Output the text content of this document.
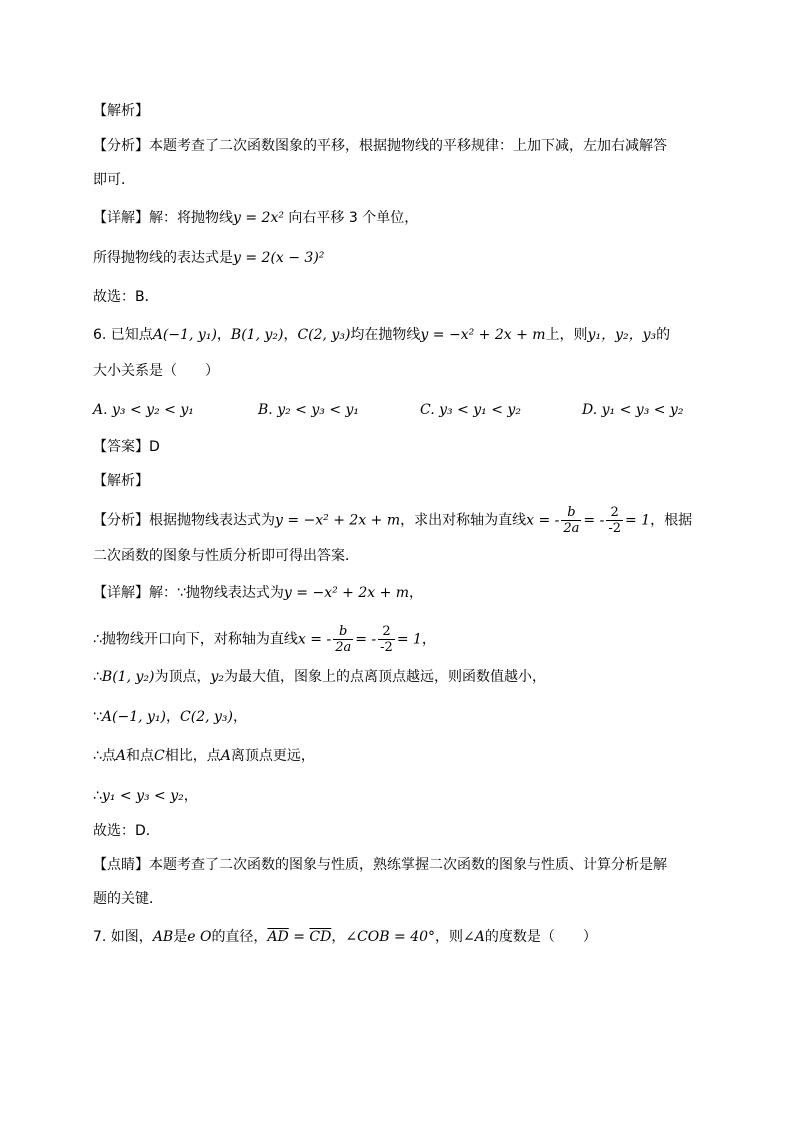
【解析】
【分析】本题考查了二次函数图象的平移，根据抛物线的平移规律：上加下减，左加右减解答
即可．
【详解】解：将抛物线y = 2x² 向右平移 3 个单位，
所得抛物线的表达式是y = 2(x − 3)²
故选：B．
6. 已知点A(−1, y₁)，B(1, y₂)，C(2, y₃)均在抛物线y = −x² + 2x + m上，则y₁，y₂，y₃的
大小关系是（　　）
A. y₃ < y₂ < y₁	B. y₂ < y₃ < y₁	C. y₃ < y₁ < y₂	D. y₁ < y₃ < y₂
【答案】D
【解析】
【分析】根据抛物线表达式为y = −x² + 2x + m，求出对称轴为直线x = - $\frac{b}{2a}$ = - $\frac{2}{-2} = 1$，根据
二次函数的图象与性质分析即可得出答案．
【详解】解：∵抛物线表达式为y = −x² + 2x + m，
∴抛物线开口向下，对称轴为直线x = - $\frac{b}{2a}$ = - $\frac{2}{-2} = 1$，
∴B(1, y₂)为顶点，y₂为最大值，图象上的点离顶点越远，则函数值越小，
∵A(−1, y₁)，C(2, y₃)，
∴点A和点C相比，点A离顶点更远，
∴y₁ < y₃ < y₂，
故选：D．
【点睛】本题考查了二次函数的图象与性质，熟练掌握二次函数的图象与性质、计算分析是解
题的关键．
7. 如图，AB是e O的直径，$\overline{AD} = \overline{CD}$，∠COB = 40°，则∠A的度数是（　　）
